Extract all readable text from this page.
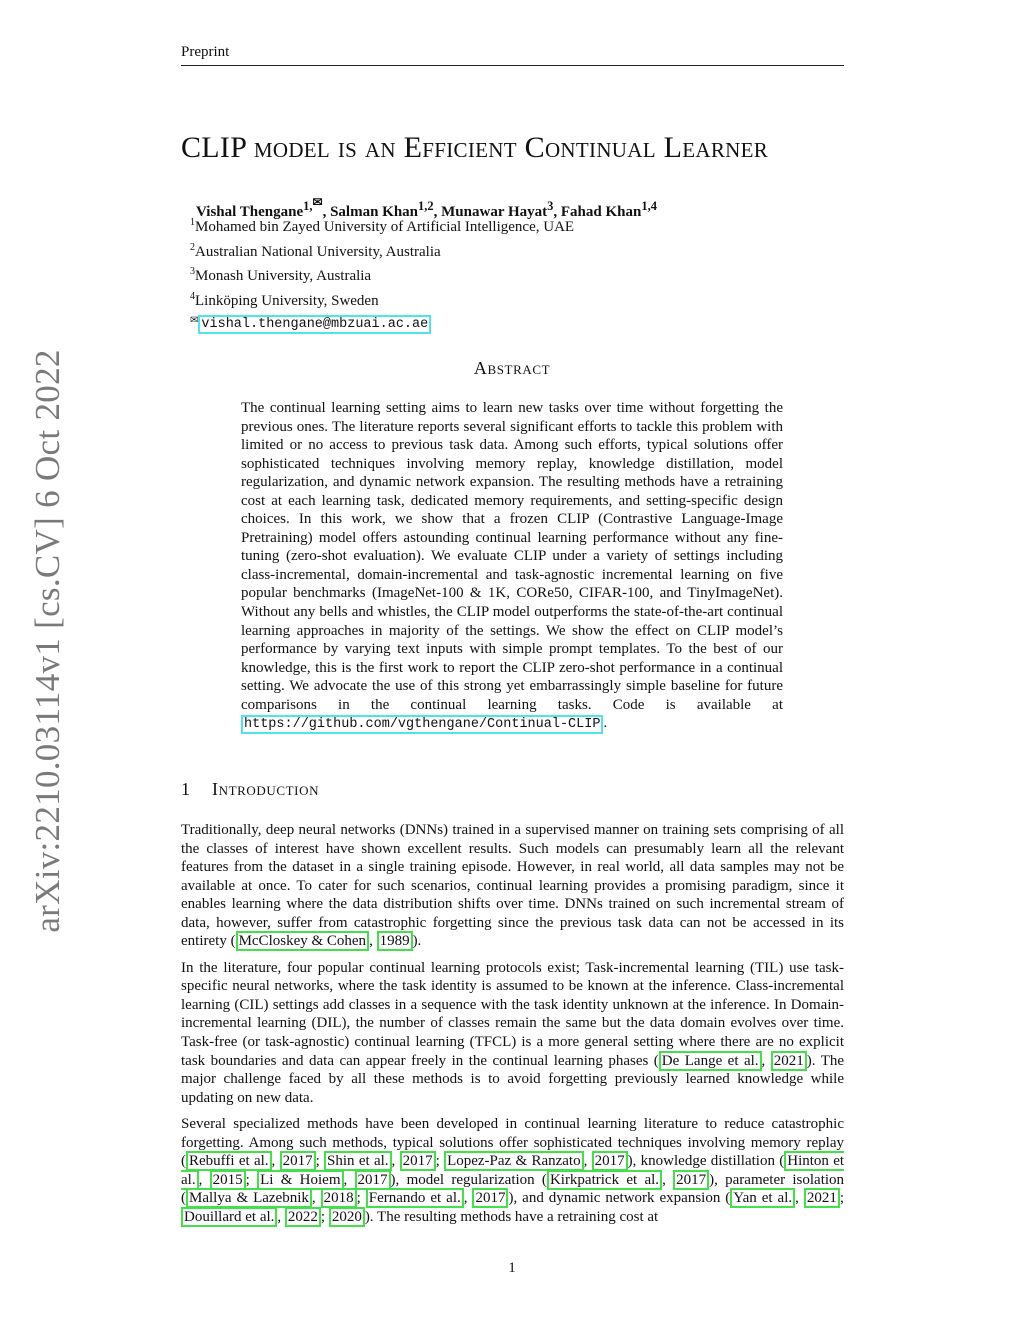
Preprint
arXiv:2210.03114v1 [cs.CV] 6 Oct 2022
CLIP model is an Efficient Continual Learner
Vishal Thengane$^{1,✉}$, Salman Khan$^{1,2}$, Munawar Hayat$^3$, Fahad Khan$^{1,4}$
$^1$Mohamed bin Zayed University of Artificial Intelligence, UAE
$^2$Australian National University, Australia
$^3$Monash University, Australia
$^4$Linköping University, Sweden
✉ vishal.thengane@mbzuai.ac.ae
Abstract
The continual learning setting aims to learn new tasks over time without forgetting the previous ones. The literature reports several significant efforts to tackle this problem with limited or no access to previous task data. Among such efforts, typical solutions offer sophisticated techniques involving memory replay, knowledge distillation, model regularization, and dynamic network expansion. The resulting methods have a retraining cost at each learning task, dedicated memory requirements, and setting-specific design choices. In this work, we show that a frozen CLIP (Contrastive Language-Image Pretraining) model offers astounding continual learning performance without any fine-tuning (zero-shot evaluation). We evaluate CLIP under a variety of settings including class-incremental, domain-incremental and task-agnostic incremental learning on five popular benchmarks (ImageNet-100 & 1K, CORe50, CIFAR-100, and TinyImageNet). Without any bells and whistles, the CLIP model outperforms the state-of-the-art continual learning approaches in majority of the settings. We show the effect on CLIP model’s performance by varying text inputs with simple prompt templates. To the best of our knowledge, this is the first work to report the CLIP zero-shot performance in a continual setting. We advocate the use of this strong yet embarrassingly simple baseline for future comparisons in the continual learning tasks. Code is available at https://github.com/vgthengane/Continual-CLIP .
1 Introduction

Traditionally, deep neural networks (DNNs) trained in a supervised manner on training sets comprising of all the classes of interest have shown excellent results. Such models can presumably learn all the relevant features from the dataset in a single training episode. However, in real world, all data samples may not be available at once. To cater for such scenarios, continual learning provides a promising paradigm, since it enables learning where the data distribution shifts over time. DNNs trained on such incremental stream of data, however, suffer from catastrophic forgetting since the previous task data can not be accessed in its entirety ( McCloskey & Cohen , 1989 ).

In the literature, four popular continual learning protocols exist; Task-incremental learning (TIL) use task-specific neural networks, where the task identity is assumed to be known at the inference. Class-incremental learning (CIL) settings add classes in a sequence with the task identity unknown at the inference. In Domain-incremental learning (DIL), the number of classes remain the same but the data domain evolves over time. Task-free (or task-agnostic) continual learning (TFCL) is a more general setting where there are no explicit task boundaries and data can appear freely in the continual learning phases ( De Lange et al. , 2021 ). The major challenge faced by all these methods is to avoid forgetting previously learned knowledge while updating on new data.

Several specialized methods have been developed in continual learning literature to reduce catastrophic forgetting. Among such methods, typical solutions offer sophisticated techniques involving memory replay ( Rebuffi et al. , 2017 ; Shin et al. , 2017 ; Lopez-Paz & Ranzato , 2017 ), knowledge distillation ( Hinton et al. , 2015 ; Li & Hoiem , 2017 ), model regularization ( Kirkpatrick et al. , 2017 ), parameter isolation ( Mallya & Lazebnik , 2018 ; Fernando et al. , 2017 ), and dynamic network expansion ( Yan et al. , 2021 ; Douillard et al. , 2022 ; 2020 ). The resulting methods have a retraining cost at

1
